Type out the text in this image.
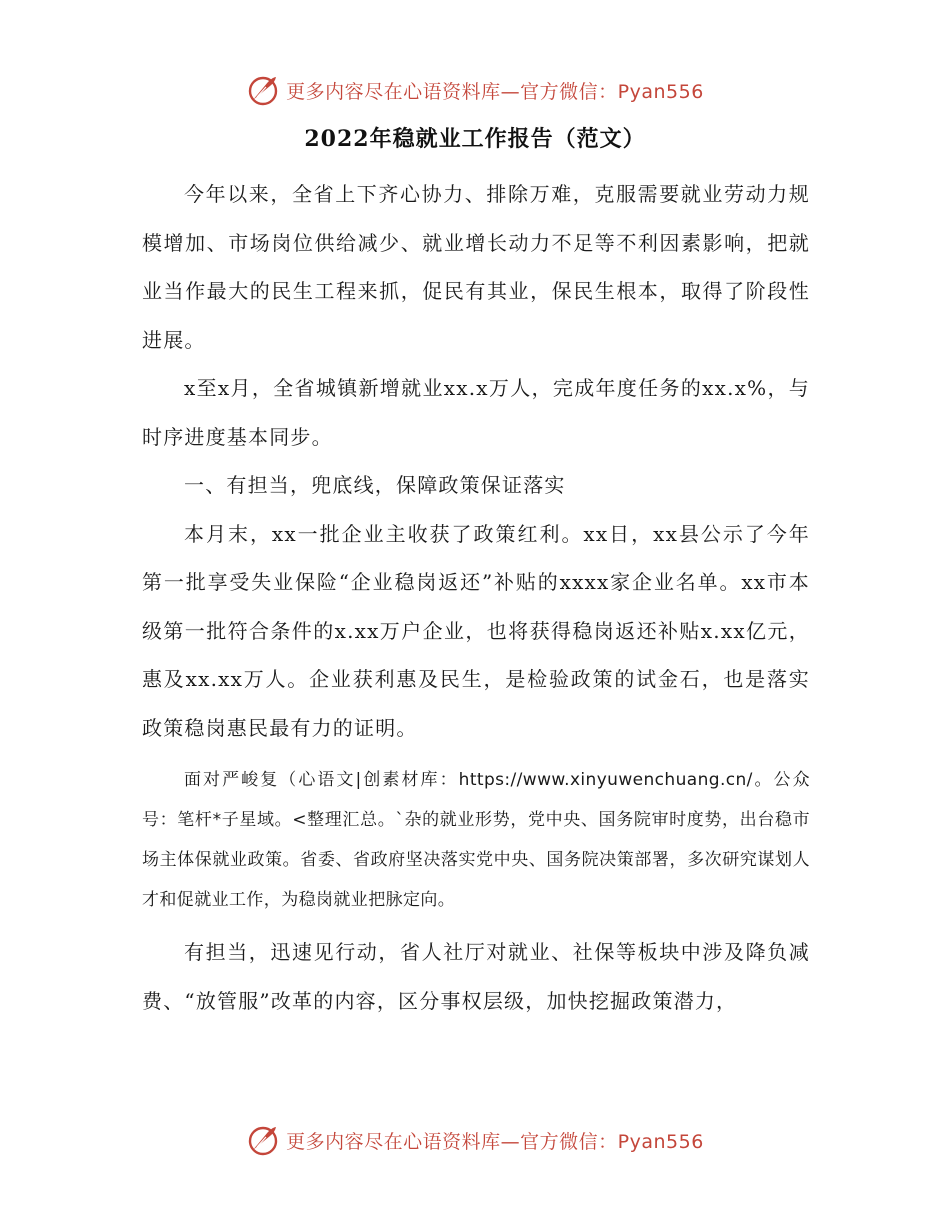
更多内容尽在心语资料库—官方微信：Pyan556
2022年稳就业工作报告（范文）

今年以来，全省上下齐心协力、排除万难，克服需要就业劳动力规模增加、市场岗位供给减少、就业增长动力不足等不利因素影响，把就业当作最大的民生工程来抓，促民有其业，保民生根本，取得了阶段性进展。

x至x月，全省城镇新增就业xx.x万人，完成年度任务的xx.x%，与时序进度基本同步。

一、有担当，兜底线，保障政策保证落实

本月末，xx一批企业主收获了政策红利。xx日，xx县公示了今年第一批享受失业保险“企业稳岗返还”补贴的xxxx家企业名单。xx市本级第一批符合条件的x.xx万户企业，也将获得稳岗返还补贴x.xx亿元，惠及xx.xx万人。企业获利惠及民生，是检验政策的试金石，也是落实政策稳岗惠民最有力的证明。

面对严峻复（心语文|创素材库：https://www.xinyuwenchuang.cn/。公众号：笔杆*子星域。<整理汇总。`杂的就业形势，党中央、国务院审时度势，出台稳市场主体保就业政策。省委、省政府坚决落实党中央、国务院决策部署，多次研究谋划人才和促就业工作，为稳岗就业把脉定向。

有担当，迅速见行动，省人社厅对就业、社保等板块中涉及降负减费、“放管服”改革的内容，区分事权层级，加快挖掘政策潜力，

更多内容尽在心语资料库—官方微信：Pyan556
